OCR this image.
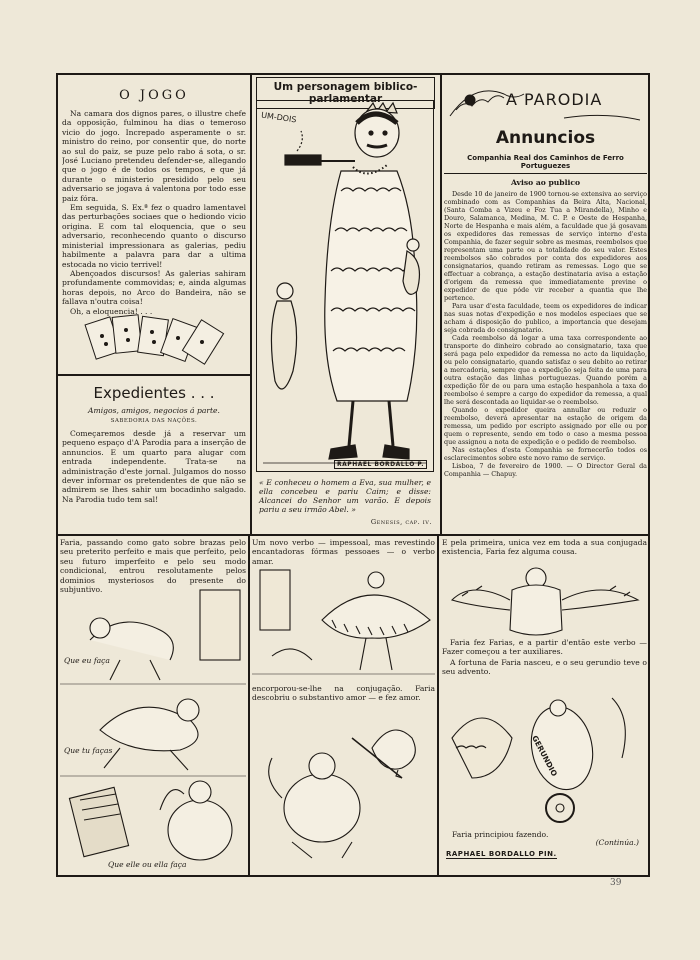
O JOGO

Na camara dos dignos pares, o illustre chefe da opposição, fulminou ha dias o temeroso vicio do jogo. Increpado asperamente o sr. ministro do reino, por consentir que, do norte ao sul do paiz, se puze pelo rabo á sota, o sr. José Luciano pretendeu defender-se, allegando que o jogo é de todos os tempos, e que já durante o ministerio presidido pelo seu adversario se jogava á valentona por todo esse paiz fóra.

Em seguida, S. Ex.ª fez o quadro lamentavel das perturbações sociaes que o hediondo vicio origina. E com tal eloquencia, que o seu adversario, reconhecendo quanto o discurso ministerial impressionara as galerias, pediu habilmente a palavra para dar a ultima estocada no vicio terrivel!

Abençoados discursos! As galerias sahiram profundamente commovidas; e, ainda algumas horas depois, no Arco do Bandeira, não se fallava n'outra coisa!

Oh, a eloquencia! . . .

Expedientes . . .
Amigos, amigos, negocios á parte.
SABEDORIA DAS NAÇÕES.

Começaremos desde já a reservar um pequeno espaço d'A Parodia para a inserção de annuncios. E um quarto para alugar com entrada independente. Trata-se na administração d'este jornal. Julgamos do nosso dever informar os pretendentes de que não se admirem se lhes sahir um bocadinho salgado. Na Parodia tudo tem sal!

Um personagem biblico-parlamentar
UM-DOIS
RAPHAEL BORDALLO P.

« E conheceu o homem a Eva, sua mulher, e ella concebeu e pariu Caim; e disse: Alcancei do Senhor um varão. E depois pariu a seu irmão Abel. »

Genesis, cap. iv.
A PARODIA
Annuncios
Companhia Real dos Caminhos de Ferro Portuguezes
Aviso ao publico

Desde 10 de janeiro de 1900 tornou-se extensiva ao serviço combinado com as Companhias da Beira Alta, Nacional, (Santa Comba a Vizeu e Foz Tua a Mirandella), Minho e Douro, Salamanca, Medina, M. C. P. e Oeste de Hespanha, Norte de Hespanha e mais além, a faculdade que já gosavam os expedidores das remessas de serviço interno d'esta Companhia, de fazer seguir sobre as mesmas, reembolsos que representam uma parte ou a totalidade do seu valor. Estes reembolsos são cobrados por conta dos expedidores aos consignatarios, quando retiram as remessas. Logo que se effectuar a cobrança, a estação destinataria avisa a estação d'origem da remessa que immediatamente previne o expedidor de que póde vir receber a quantia que lhe pertence.

Para usar d'esta faculdade, teem os expedidores de indicar nas suas notas d'expedição e nos modelos especiaes que se acham á disposição do publico, a importancia que desejam seja cobrada do consignatario.

Cada reembolso dá logar a uma taxa correspondente ao transporte do dinheiro cobrado ao consignatario, taxa que será paga pelo expedidor da remessa no acto da liquidação, ou pelo consignatario, quando satisfaz o seu debito ao retirar a mercadoria, sempre que a expedição seja feita de uma para outra estação das linhas portuguezas. Quando porém a expedição fôr de ou para uma estação hespanhola a taxa do reembolso é sempre a cargo do expedidor da remessa, a qual lhe será descontada ao liquidar-se o reembolso.

Quando o expedidor queira annullar ou reduzir o reembolso, deverá apresentar na estação de origem da remessa, um pedido por escripto assignado por elle ou por quem o represente, sendo em todo o caso a mesma pessoa que assignou a nota de expedição e o pedido de reembolso.

Nas estações d'esta Companhia se fornecerão todos os esclarecimentos sobre este novo ramo de serviço.

Lisboa, 7 de fevereiro de 1900. — O Director Geral da Companhia — Chapuy.

Faria, passando como gato sobre brazas pelo seu preterito perfeito e mais que perfeito, pelo seu futuro imperfeito e pelo seu modo condicional, entrou resolutamente pelos dominios mysteriosos do presente do subjuntivo.

Que eu faça
Que tu faças
Que elle ou ella faça

Um novo verbo — impessoal, mas revestindo encantadoras fórmas pessoaes — o verbo amar.

encorporou-se-lhe na conjugação. Faria descobriu o substantivo amor — e fez amor.

E pela primeira, unica vez em toda a sua conjugada existencia, Faria fez alguma cousa.

Faria fez Farias, e a partir d'então este verbo — Fazer começou a ter auxiliares.

A fortuna de Faria nasceu, e o seu gerundio teve o seu advento.

GERUNDIO

Faria principiou fazendo.

(Continúa.)
RAPHAEL BORDALLO PIN.
39
